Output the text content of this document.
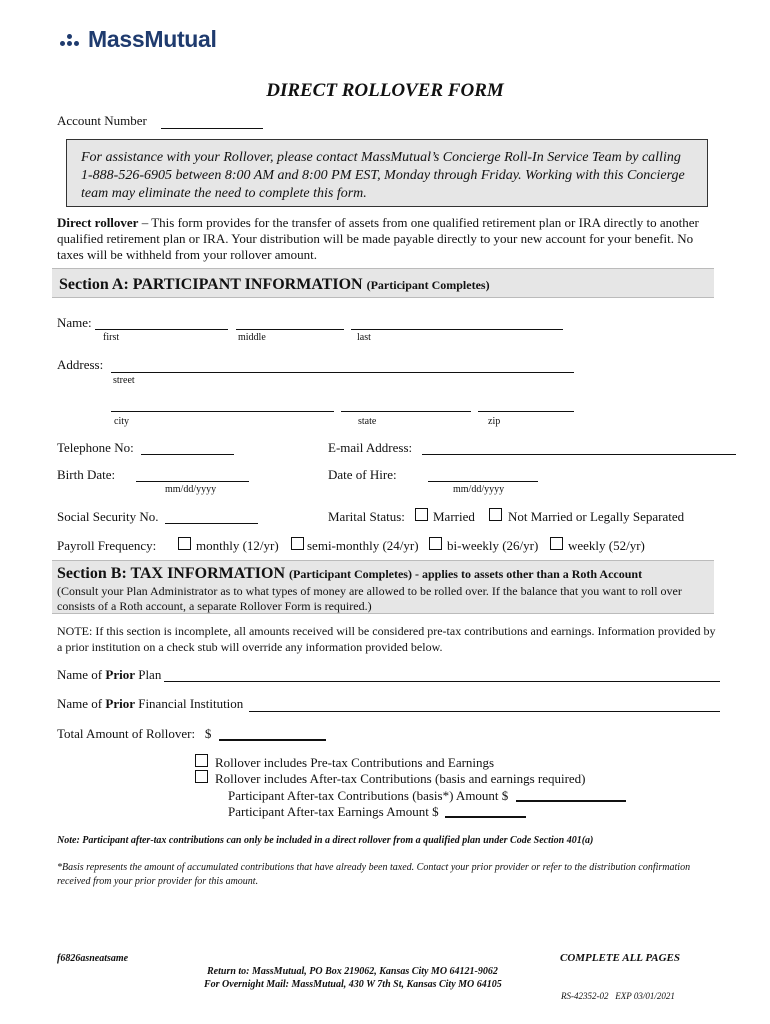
MassMutual
DIRECT ROLLOVER FORM
Account Number

For assistance with your Rollover, please contact MassMutual’s Concierge Roll-In Service Team by calling 1-888-526-6905 between 8:00 AM and 8:00 PM EST, Monday through Friday. Working with this Concierge team may eliminate the need to complete this form.

Direct rollover – This form provides for the transfer of assets from one qualified retirement plan or IRA directly to another qualified retirement plan or IRA. Your distribution will be made payable directly to your new account for your benefit. No taxes will be withheld from your rollover amount.
Section A: PARTICIPANT INFORMATION (Participant Completes)
Name:
first	middle	last
Address:
street
city	state	zip
Telephone No:	E-mail Address:
Birth Date:
mm/dd/yyyy
Date of Hire:
mm/dd/yyyy
Social Security No.	Marital Status: Married	Not Married or Legally Separated
Payroll Frequency:	monthly (12/yr) semi-monthly (24/yr) bi-weekly (26/yr) weekly (52/yr)
Section B: TAX INFORMATION (Participant Completes) - applies to assets other than a Roth Account
(Consult your Plan Administrator as to what types of money are allowed to be rolled over. If the balance that you want to roll over consists of a Roth account, a separate Rollover Form is required.)
NOTE: If this section is incomplete, all amounts received will be considered pre-tax contributions and earnings. Information provided by a prior institution on a check stub will override any information provided below.
Name of Prior Plan
Name of Prior Financial Institution
Total Amount of Rollover:   $
Rollover includes Pre-tax Contributions and Earnings
Rollover includes After-tax Contributions (basis and earnings required)
Participant After-tax Contributions (basis*) Amount $
Participant After-tax Earnings Amount $
Note: Participant after-tax contributions can only be included in a direct rollover from a qualified plan under Code Section 401(a)
*Basis represents the amount of accumulated contributions that have already been taxed. Contact your prior provider or refer to the distribution confirmation received from your prior provider for this amount.
f6826asneatsame	COMPLETE ALL PAGES
Return to: MassMutual, PO Box 219062, Kansas City MO 64121-9062
For Overnight Mail: MassMutual, 430 W 7th St, Kansas City MO 64105
RS-42352-02   EXP 03/01/2021
